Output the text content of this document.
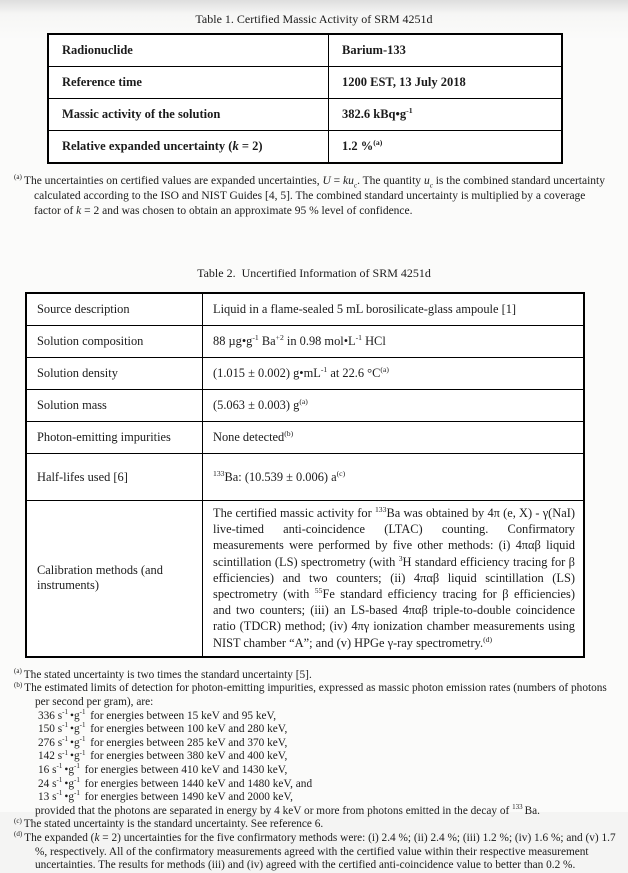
Table 1. Certified Massic Activity of SRM 4251d
Radionuclide	Barium-133
Reference time	1200 EST, 13 July 2018
Massic activity of the solution	382.6 $kBq•g^{-1}$
Relative expanded uncertainty (k = 2)	1.2 %$^{(a)}$
$^{(a)}$ The uncertainties on certified values are expanded uncertainties, $U = ku_c$. The quantity $u_c$ is the combined standard uncertainty calculated according to the ISO and NIST Guides [4, 5]. The combined standard uncertainty is multiplied by a coverage factor of k = 2 and was chosen to obtain an approximate 95 % level of confidence.
Table 2.  Uncertified Information of SRM 4251d
Source description	Liquid in a flame-sealed 5 mL borosilicate-glass ampoule [1]
Solution composition	88 $\mu g•g^{-1}$ $Ba^{+2}$ in 0.98 $mol•L^{-1}$ HCl
Solution density	(1.015 ± 0.002) $g•mL^{-1}$ at 22.6 $^\circ C^{(a)}$
Solution mass	(5.063 ± 0.003) $g^{(a)}$
Photon-emitting impurities	None detected$^{(b)}$
Half-lifes used [6]	$^{133}$Ba: (10.539 ± 0.006) $a^{(c)}$
Calibration methods (and instruments)	The certified massic activity for $^{133}$Ba was obtained by 4π (e, X) - γ(NaI) live-timed anti-coincidence (LTAC) counting. Confirmatory measurements were performed by five other methods: (i) 4παβ liquid scintillation (LS) spectrometry (with $^3$H standard efficiency tracing for β efficiencies) and two counters; (ii) 4παβ liquid scintillation (LS) spectrometry (with $^{55}$Fe standard efficiency tracing for β efficiencies) and two counters; (iii) an LS-based 4παβ triple-to-double coincidence ratio (TDCR) method; (iv) 4πγ ionization chamber measurements using NIST chamber “A”; and (v) HPGe γ-ray spectrometry.$^{(d)}$
$^{(a)}$ The stated uncertainty is two times the standard uncertainty [5].
$^{(b)}$ The estimated limits of detection for photon-emitting impurities, expressed as massic photon emission rates (numbers of photons per second per gram), are:
336 $s^{-1}$ $•g^{-1}$ for energies between 15 keV and 95 keV,
150 $s^{-1}$ $•g^{-1}$ for energies between 100 keV and 280 keV,
276 $s^{-1}$ $•g^{-1}$ for energies between 285 keV and 370 keV,
142 $s^{-1}$ $•g^{-1}$ for energies between 380 keV and 400 keV,
16 $s^{-1}$ $•g^{-1}$ for energies between 410 keV and 1430 keV,
24 $s^{-1}$ $•g^{-1}$ for energies between 1440 keV and 1480 keV, and
13 $s^{-1}$ $•g^{-1}$ for energies between 1490 keV and 2000 keV,
provided that the photons are separated in energy by 4 keV or more from photons emitted in the decay of $^{133}$ Ba.
$^{(c)}$ The stated uncertainty is the standard uncertainty. See reference 6.
$^{(d)}$ The expanded (k = 2) uncertainties for the five confirmatory methods were: (i) 2.4 %; (ii) 2.4 %; (iii) 1.2 %; (iv) 1.6 %; and (v) 1.7 %, respectively. All of the confirmatory measurements agreed with the certified value within their respective measurement uncertainties. The results for methods (iii) and (iv) agreed with the certified anti-coincidence value to better than 0.2 %.
